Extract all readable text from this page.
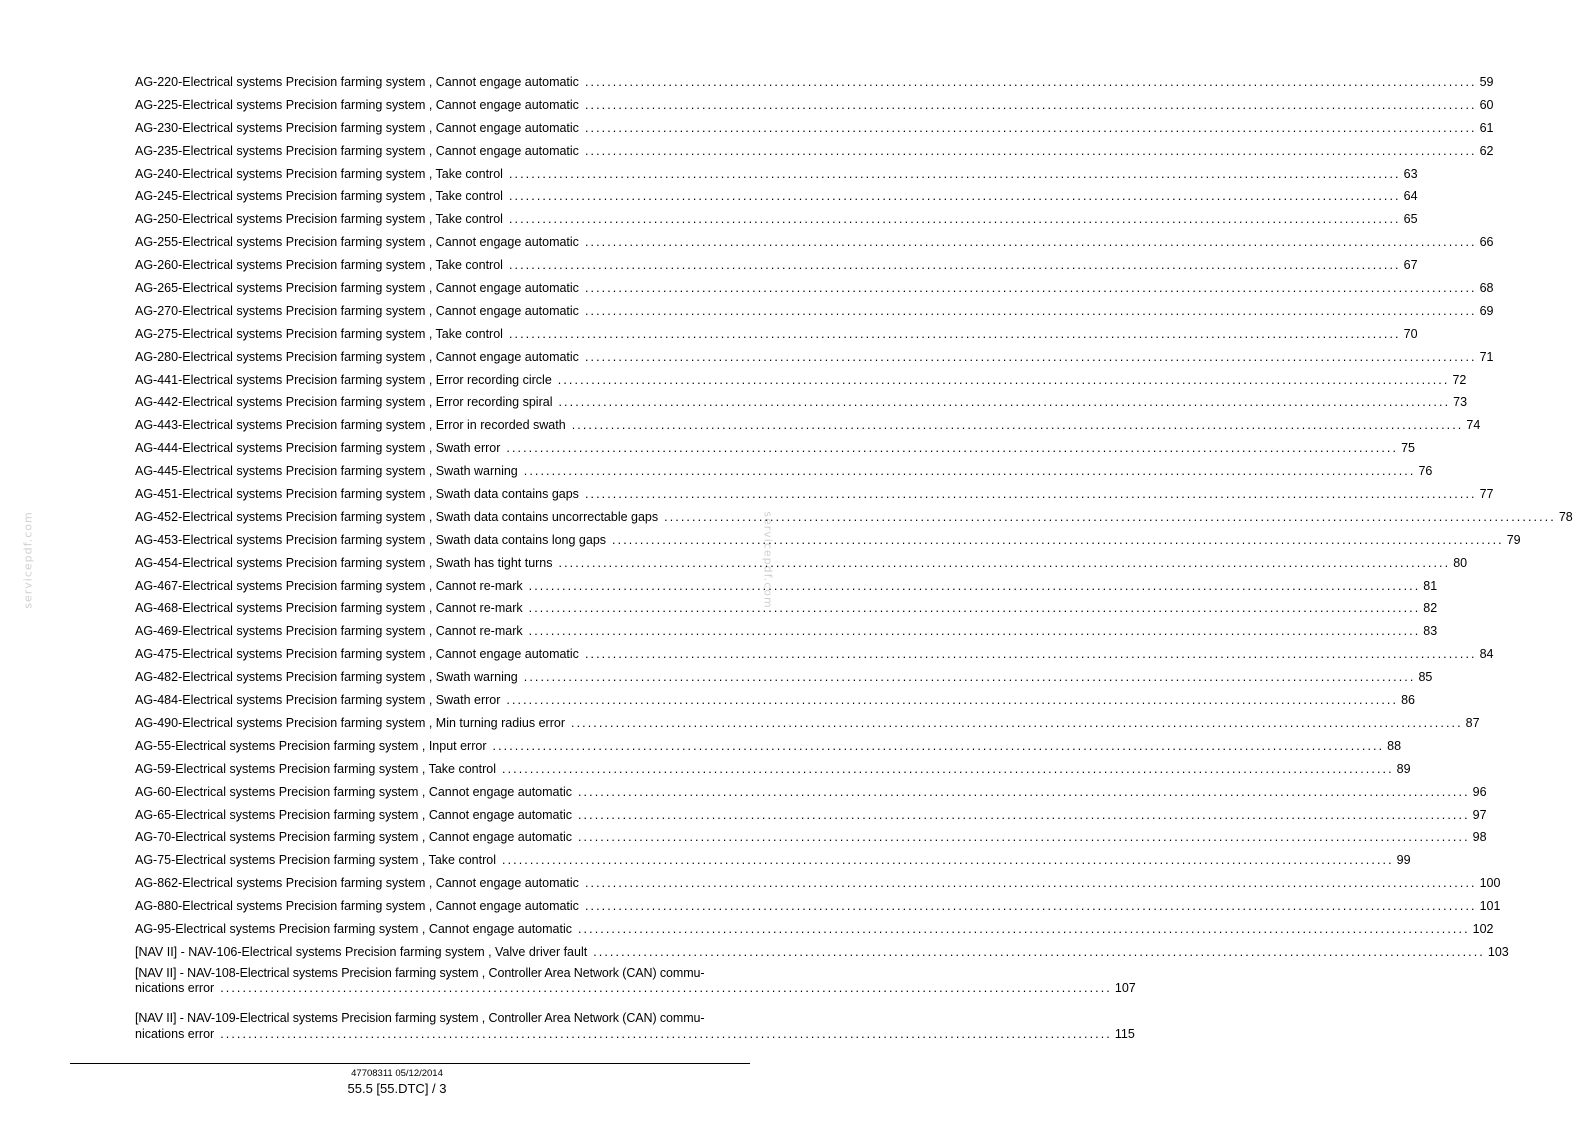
servicepdf.com	servicepdf.com
AG-220-Electrical systems Precision farming system , Cannot engage automatic ................................................................................................................................................................ 59
AG-225-Electrical systems Precision farming system , Cannot engage automatic ................................................................................................................................................................ 60
AG-230-Electrical systems Precision farming system , Cannot engage automatic ................................................................................................................................................................ 61
AG-235-Electrical systems Precision farming system , Cannot engage automatic ................................................................................................................................................................ 62
AG-240-Electrical systems Precision farming system , Take control ................................................................................................................................................................ 63
AG-245-Electrical systems Precision farming system , Take control ................................................................................................................................................................ 64
AG-250-Electrical systems Precision farming system , Take control ................................................................................................................................................................ 65
AG-255-Electrical systems Precision farming system , Cannot engage automatic ................................................................................................................................................................ 66
AG-260-Electrical systems Precision farming system , Take control ................................................................................................................................................................ 67
AG-265-Electrical systems Precision farming system , Cannot engage automatic ................................................................................................................................................................ 68
AG-270-Electrical systems Precision farming system , Cannot engage automatic ................................................................................................................................................................ 69
AG-275-Electrical systems Precision farming system , Take control ................................................................................................................................................................ 70
AG-280-Electrical systems Precision farming system , Cannot engage automatic ................................................................................................................................................................ 71
AG-441-Electrical systems Precision farming system , Error recording circle ................................................................................................................................................................ 72
AG-442-Electrical systems Precision farming system , Error recording spiral ................................................................................................................................................................ 73
AG-443-Electrical systems Precision farming system , Error in recorded swath ................................................................................................................................................................ 74
AG-444-Electrical systems Precision farming system , Swath error ................................................................................................................................................................ 75
AG-445-Electrical systems Precision farming system , Swath warning ................................................................................................................................................................ 76
AG-451-Electrical systems Precision farming system , Swath data contains gaps ................................................................................................................................................................ 77
AG-452-Electrical systems Precision farming system , Swath data contains uncorrectable gaps ................................................................................................................................................................ 78
AG-453-Electrical systems Precision farming system , Swath data contains long gaps ................................................................................................................................................................ 79
AG-454-Electrical systems Precision farming system , Swath has tight turns ................................................................................................................................................................ 80
AG-467-Electrical systems Precision farming system , Cannot re-mark ................................................................................................................................................................ 81
AG-468-Electrical systems Precision farming system , Cannot re-mark ................................................................................................................................................................ 82
AG-469-Electrical systems Precision farming system , Cannot re-mark ................................................................................................................................................................ 83
AG-475-Electrical systems Precision farming system , Cannot engage automatic ................................................................................................................................................................ 84
AG-482-Electrical systems Precision farming system , Swath warning ................................................................................................................................................................ 85
AG-484-Electrical systems Precision farming system , Swath error ................................................................................................................................................................ 86
AG-490-Electrical systems Precision farming system , Min turning radius error ................................................................................................................................................................ 87
AG-55-Electrical systems Precision farming system , Input error ................................................................................................................................................................ 88
AG-59-Electrical systems Precision farming system , Take control ................................................................................................................................................................ 89
AG-60-Electrical systems Precision farming system , Cannot engage automatic ................................................................................................................................................................ 96
AG-65-Electrical systems Precision farming system , Cannot engage automatic ................................................................................................................................................................ 97
AG-70-Electrical systems Precision farming system , Cannot engage automatic ................................................................................................................................................................ 98
AG-75-Electrical systems Precision farming system , Take control ................................................................................................................................................................ 99
AG-862-Electrical systems Precision farming system , Cannot engage automatic ................................................................................................................................................................ 100
AG-880-Electrical systems Precision farming system , Cannot engage automatic ................................................................................................................................................................ 101
AG-95-Electrical systems Precision farming system , Cannot engage automatic ................................................................................................................................................................ 102
[NAV II] - NAV-106-Electrical systems Precision farming system , Valve driver fault ................................................................................................................................................................ 103
[NAV II] - NAV-108-Electrical systems Precision farming system , Controller Area Network (CAN) commu-
nications error ................................................................................................................................................................ 107
[NAV II] - NAV-109-Electrical systems Precision farming system , Controller Area Network (CAN) commu-
nications error ................................................................................................................................................................ 115
47708311 05/12/2014
55.5 [55.DTC] / 3
